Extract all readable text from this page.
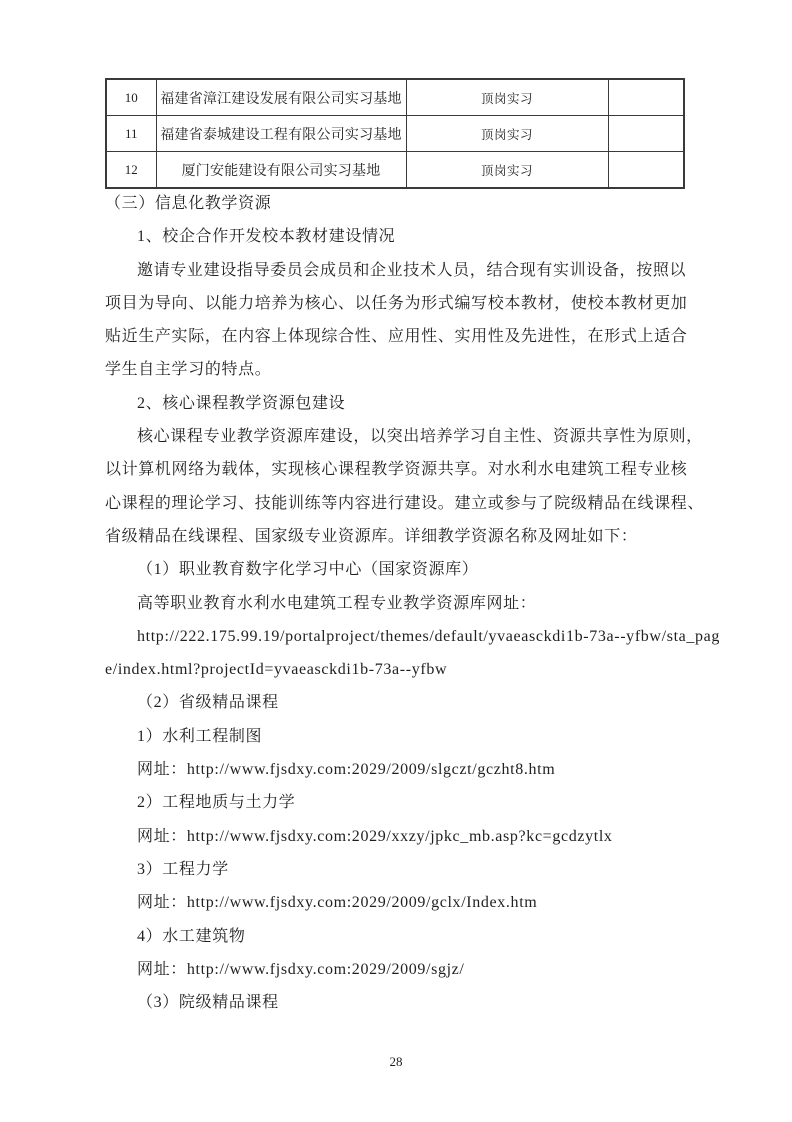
10	福建省漳江建设发展有限公司实习基地	顶岗实习	
11	福建省泰城建设工程有限公司实习基地	顶岗实习	
12	厦门安能建设有限公司实习基地	顶岗实习	
（三）信息化教学资源
1、校企合作开发校本教材建设情况
邀请专业建设指导委员会成员和企业技术人员，结合现有实训设备，按照以
项目为导向、以能力培养为核心、以任务为形式编写校本教材，使校本教材更加
贴近生产实际，在内容上体现综合性、应用性、实用性及先进性，在形式上适合
学生自主学习的特点。
2、核心课程教学资源包建设
核心课程专业教学资源库建设，以突出培养学习自主性、资源共享性为原则，
以计算机网络为载体，实现核心课程教学资源共享。对水利水电建筑工程专业核
心课程的理论学习、技能训练等内容进行建设。建立或参与了院级精品在线课程、
省级精品在线课程、国家级专业资源库。详细教学资源名称及网址如下：
（1）职业教育数字化学习中心（国家资源库）
高等职业教育水利水电建筑工程专业教学资源库网址：
http://222.175.99.19/portalproject/themes/default/yvaeasckdi1b-73a--yfbw/sta_pag
e/index.html?projectId=yvaeasckdi1b-73a--yfbw
（2）省级精品课程
1）水利工程制图
网址：http://www.fjsdxy.com:2029/2009/slgczt/gczht8.htm
2）工程地质与土力学
网址：http://www.fjsdxy.com:2029/xxzy/jpkc_mb.asp?kc=gcdzytlx
3）工程力学
网址：http://www.fjsdxy.com:2029/2009/gclx/Index.htm
4）水工建筑物
网址：http://www.fjsdxy.com:2029/2009/sgjz/
（3）院级精品课程
28
